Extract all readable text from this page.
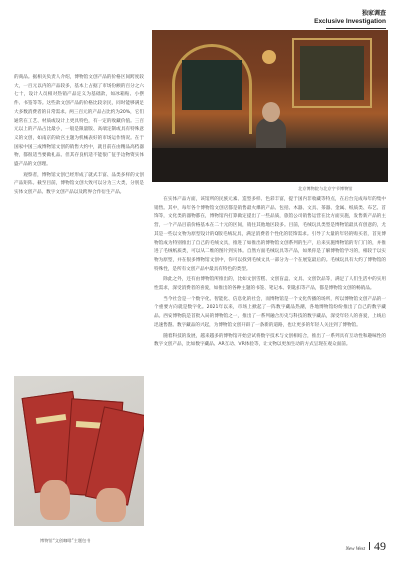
独家调查
Exclusive Investigation

的商品。据相关负责人介绍，博物馆文创产品的价格区间跨度较大，一百元以内的产品较多，基本上占据了市场份额的百分之六七十，设计人员相对热销产品定义为基础款，如冰箱贴、小摆件、书签等等。这些款文创产品的价格比较亲民，同时能够满足大多数消费者的日常需求。两三百元的产品占比约为20%，它们通常在工艺、材质或设计上更具特色，有一定的收藏价值。三百元以上的产品占比最小，一般是限量版、高端定制或具有特殊意义的文创，如南京的故宫主题为机械表好的市场运作情况。在于国家中国三成博物馆文创的销售大约中，就目前在由精品高档器物，都很适当要做礼品。但其存良机适不能很广征手边物资实体盛产品的文创理。

观察者，博物馆文创已经形成了就式丰富、品类多样的文创产品矩阵。截至目前，博物馆文创大致可以分为三大类，分别是实体文创产品、数字文创产品以及跨界合作衍生产品。

北京博物院与北京字节博物馆

在实体产品方面，该馆所的民族元素、造型多样、色彩丰富，提于国内非收藏等特点，在后台完成每年的集中销售。其中，每年各个博物馆文创店都是销售最火爆的产品、包括、木器、文具、茶器、金属、纸质类、布艺、首饰等，文化类的器物都在，博物馆内打算做定提出了一些品质，旅馆公司销售运营在比方面实施，发售新产品的主营，一个产品目前价格基本在二十元的区间，销往其他地区较多。目前，毛绒玩具类型是博物馆最具有创意的，尤其是一些以文物为原型设计的Q版毛绒玩具，满足消费者个性化的装饰需求。引导了大量的年轻的购买者，首先博物馆成为特别推出了自己的毛绒文具，推进了如推出的博物馆文创系列的生产，后来实施博物馆的专门门的，并推进了毛绒纸质类，可以从二维的图片到实体。自然方面毛绒玩具等产品，如果你是了解博物馆学习的，相较于以实物为原型，并在很多博物馆文创中，你可以找到毛绒文具一部分为一个在展览最后的。毛绒玩具有大约了博物馆的特殊性，是所有文创产品中最具有特色的类型。

除此之外，还有由博物馆所推出的，比如文创雪糕、文创盲盒、文具、文创饮品等，满足了人们生活中的实用性需求，深受消费者的喜爱，如推出的各种主题的书签、笔记本、钥匙扣等产品，都是博物馆文创的畅销品。

当今社会是一个数字化、智能化、信息化的社会，而博物馆是一个文化传播的场所，所以博物馆文创产品的一个重要方向就是数字化。2021年以来，市场上掀起了一阵数字藏品热潮，各地博物馆纷纷推出了自己的数字藏品。西安博物院是首批入局的博物馆之一，推出了一系列融合历史与科技的数字藏品，深受年轻人的喜爱，上线后迅速售罄。数字藏品的兴起，为博物馆文创开辟了一条新的道路，也让更多的年轻人关注到了博物馆。

随着科技的发展，越来越多的博物馆开始尝试将数字技术与文创相结合，推出了一系列具有互动性和趣味性的数字文创产品，比如数字藏品、AR互动、VR体验等，让文物以更加生动的方式呈现在观众面前。

博物馆“文创咖啡”主题包书
New West 49
